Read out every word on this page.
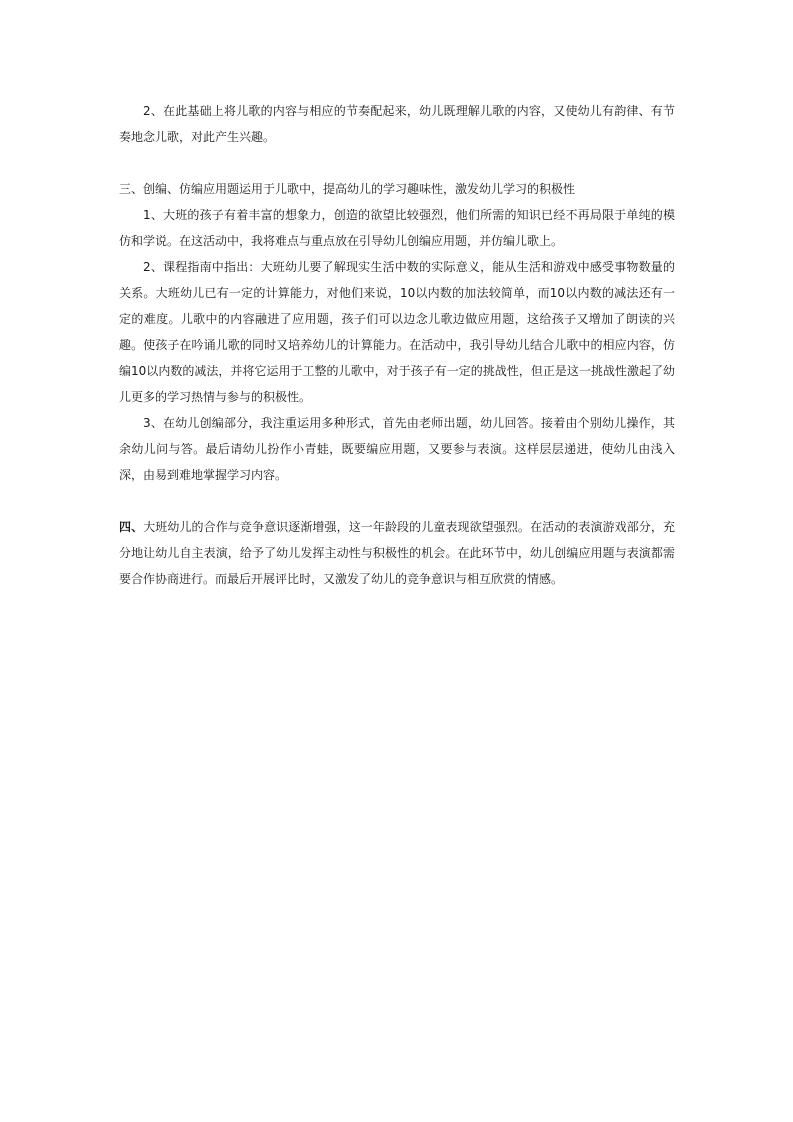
2、在此基础上将儿歌的内容与相应的节奏配起来，幼儿既理解儿歌的内容，又使幼儿有韵律、有节奏地念儿歌，对此产生兴趣。

三、创编、仿编应用题运用于儿歌中，提高幼儿的学习趣味性，激发幼儿学习的积极性

1、大班的孩子有着丰富的想象力，创造的欲望比较强烈，他们所需的知识已经不再局限于单纯的模仿和学说。在这活动中，我将难点与重点放在引导幼儿创编应用题，并仿编儿歌上。

2、课程指南中指出：大班幼儿要了解现实生活中数的实际意义，能从生活和游戏中感受事物数量的关系。大班幼儿已有一定的计算能力，对他们来说，10以内数的加法较简单，而10以内数的减法还有一定的难度。儿歌中的内容融进了应用题，孩子们可以边念儿歌边做应用题，这给孩子又增加了朗读的兴趣。使孩子在吟诵儿歌的同时又培养幼儿的计算能力。在活动中，我引导幼儿结合儿歌中的相应内容，仿编10以内数的减法，并将它运用于工整的儿歌中，对于孩子有一定的挑战性，但正是这一挑战性激起了幼儿更多的学习热情与参与的积极性。

3、在幼儿创编部分，我注重运用多种形式，首先由老师出题，幼儿回答。接着由个别幼儿操作，其余幼儿问与答。最后请幼儿扮作小青蛙，既要编应用题，又要参与表演。这样层层递进，使幼儿由浅入深，由易到难地掌握学习内容。

四、大班幼儿的合作与竞争意识逐渐增强，这一年龄段的儿童表现欲望强烈。在活动的表演游戏部分，充分地让幼儿自主表演，给予了幼儿发挥主动性与积极性的机会。在此环节中，幼儿创编应用题与表演都需要合作协商进行。而最后开展评比时，又激发了幼儿的竞争意识与相互欣赏的情感。
